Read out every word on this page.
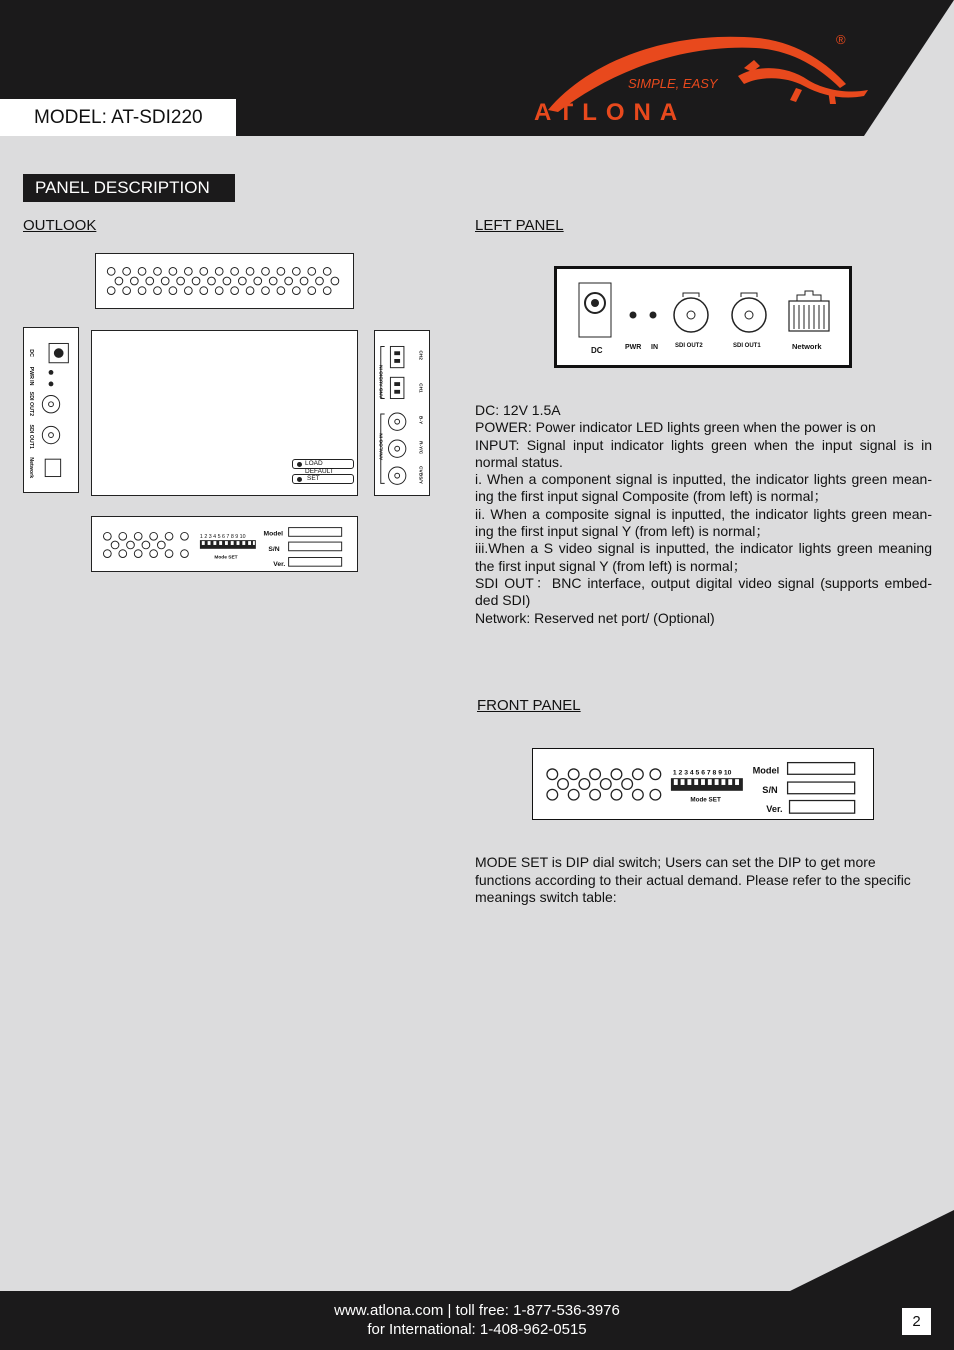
MODEL: AT-SDI220
SIMPLE, EASY
ATLONA
®
PANEL DESCRIPTION
OUTLOOK
DC
PWR
IN
SDI OUT2
SDI OUT1
Network	LOAD DEFAULT
SET
ANG AUDIO IN
CH2
CH1
ANALOG IN
B-Y
R-Y/C
CVBS/Y
1 2 3 4 5 6 7 8 9 10
Mode SET
Model
S/N
Ver.
LEFT PANEL
DC	PWR IN	SDI OUT2	SDI OUT1	Network

DC: 12V 1.5A

POWER: Power indicator LED lights green when the power is on

INPUT: Signal input indicator lights green when the input signal is in normal status.

i. When a component signal is inputted, the indicator lights green mean-ing the first input signal Composite (from left) is normal；

ii. When a composite signal is inputted, the indicator lights green mean-ing the first input signal Y (from left) is normal；

iii.When a S video signal is inputted, the indicator lights green meaning the first input signal Y (from left) is normal；

SDI OUT：BNC interface, output digital video signal (supports embed-ded SDI)

Network: Reserved net port/ (Optional)

FRONT PANEL
1 2 3 4 5 6 7 8 9 10
Mode SET
Model
S/N
Ver.
MODE SET is DIP dial switch; Users can set the DIP to get more functions according to their actual demand. Please refer to the specific meanings switch table:
www.atlona.com | toll free: 1-877-536-3976
for International: 1-408-962-0515	2
